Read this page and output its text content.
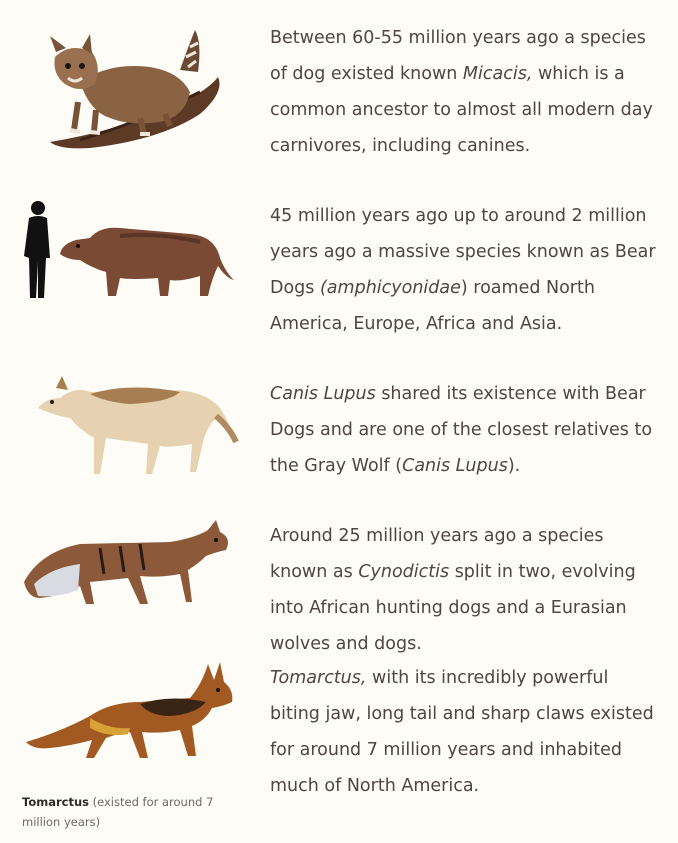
Between 60-55 million years ago a species of dog existed known Micacis, which is a common ancestor to almost all modern day carnivores, including canines.
45 million years ago up to around 2 million years ago a massive species known as Bear Dogs (amphicyonidae) roamed North America, Europe, Africa and Asia.
Canis Lupus shared its existence with Bear Dogs and are one of the closest relatives to the Gray Wolf (Canis Lupus).
Around 25 million years ago a species known as Cynodictis split in two, evolving into African hunting dogs and a Eurasian wolves and dogs.
Tomarctus, with its incredibly powerful biting jaw, long tail and sharp claws existed for around 7 million years and inhabited much of North America.
Tomarctus (existed for around 7 million years)
